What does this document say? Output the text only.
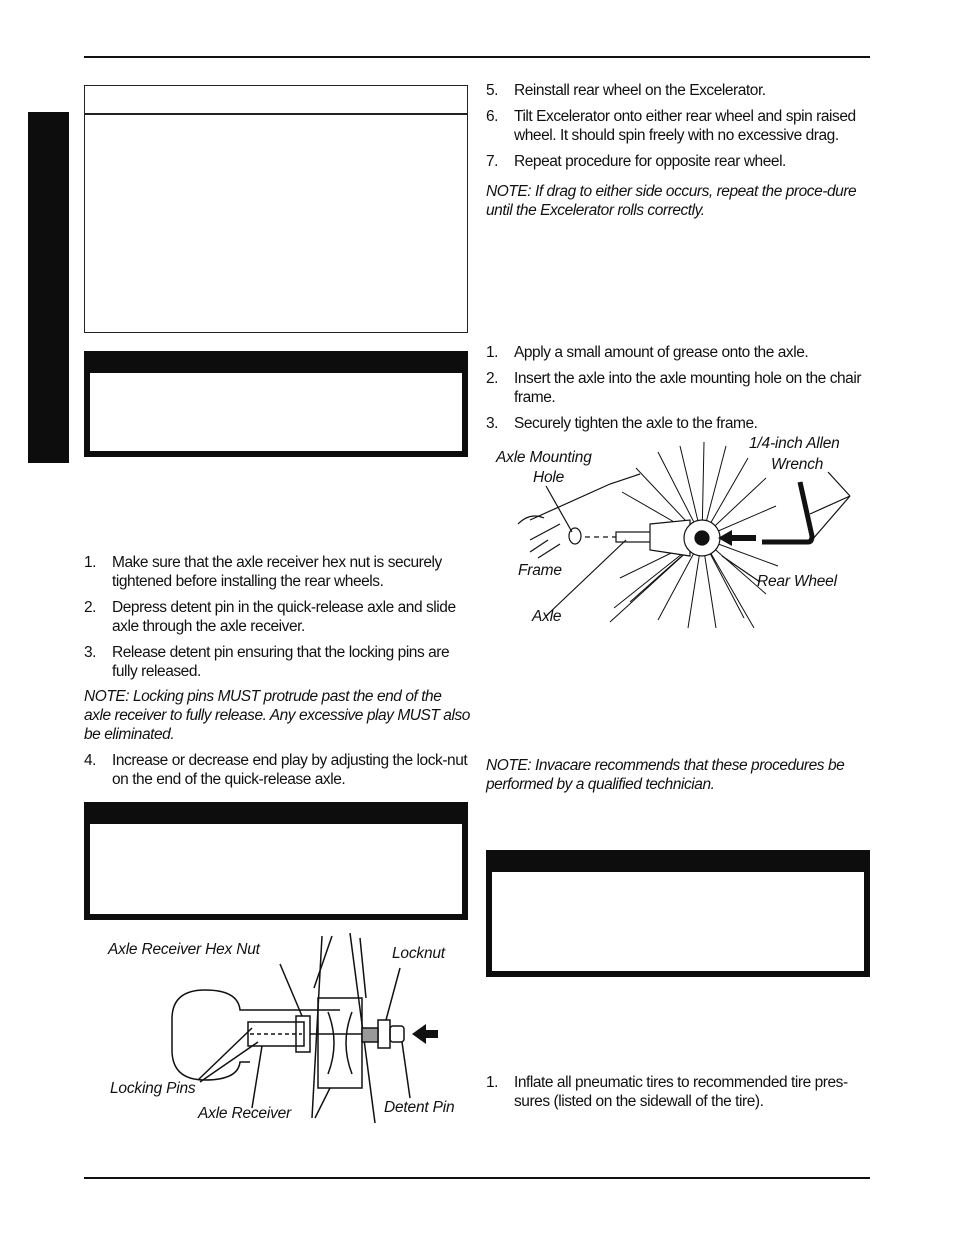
1. Make sure that the axle receiver hex nut is securely tightened before installing the rear wheels.
2. Depress detent pin in the quick-release axle and slide axle through the axle receiver.
3. Release detent pin ensuring that the locking pins are fully released.

NOTE: Locking pins MUST protrude past the end of the axle receiver to fully release. Any excessive play MUST also be eliminated.

4. Increase or decrease end play by adjusting the lock-nut on the end of the quick-release axle.
Axle Receiver Hex Nut	Locknut
Locking Pins
Axle Receiver	Detent Pin
5. Reinstall rear wheel on the Excelerator.
6. Tilt Excelerator onto either rear wheel and spin raised wheel. It should spin freely with no excessive drag.
7. Repeat procedure for opposite rear wheel.

NOTE: If drag to either side occurs, repeat the proce-dure until the Excelerator rolls correctly.

1. Apply a small amount of grease onto the axle.
2. Insert the axle into the axle mounting hole on the chair frame.
3. Securely tighten the axle to the frame.
Axle Mounting
Hole
1/4-inch Allen
Wrench
Frame
Rear Wheel
Axle

NOTE: Invacare recommends that these procedures be performed by a qualified technician.

1. Inflate all pneumatic tires to recommended tire pres-sures (listed on the sidewall of the tire).
